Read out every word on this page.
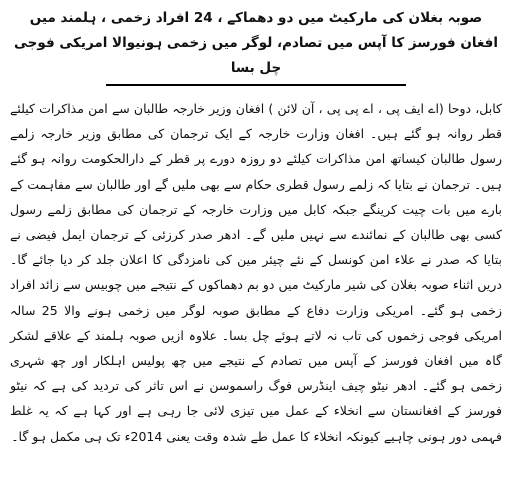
صوبہ بغلان کی مارکیٹ میں دو دھماکے ، 24 افراد زخمی ، ہلمند میں افغان فورسز کا آپس میں تصادم، لوگر میں زخمی ہونیوالا امریکی فوجی چل بسا

کابل، دوحا (اے ایف پی ، اے پی پی ، آن لائن ) افغان وزیر خارجہ طالبان سے امن مذاکرات کیلئے قطر روانہ ہو گئے ہیں۔ افغان وزارت خارجہ کے ایک ترجمان کی مطابق وزیر خارجہ زلمے رسول طالبان کیساتھ امن مذاکرات کیلئے دو روزہ دورے پر قطر کے دارالحکومت روانہ ہو گئے ہیں۔ ترجمان نے بتایا کہ زلمے رسول قطری حکام سے بھی ملیں گے اور طالبان سے مفاہمت کے بارے میں بات چیت کرینگے جبکہ کابل میں وزارت خارجہ کے ترجمان کی مطابق زلمے رسول کسی بھی طالبان کے نمائندے سے نہیں ملیں گے۔ ادھر صدر کرزئی کے ترجمان ایمل فیضی نے بتایا کہ صدر نے علاء امن کونسل کے نئے چیئر مین کی نامزدگی کا اعلان جلد کر دیا جائے گا۔ دریں اثناء صوبہ بغلان کی شیر مارکیٹ میں دو بم دھماکوں کے نتیجے میں چوبیس سے زائد افراد زخمی ہو گئے۔ امریکی وزارت دفاع کے مطابق صوبہ لوگر میں زخمی ہونے والا 25 سالہ امریکی فوجی زخموں کی تاب نہ لاتے ہوئے چل بسا۔ علاوہ ازیں صوبہ ہلمند کے علاقے لشکر گاہ میں افغان فورسز کے آپس میں تصادم کے نتیجے میں چھ پولیس اہلکار اور چھ شہری زخمی ہو گئے۔ ادھر نیٹو چیف اینڈرس فوگ راسموسن نے اس تاثر کی تردید کی ہے کہ نیٹو فورسز کے افغانستان سے انخلاء کے عمل میں تیزی لائی جا رہی ہے اور کہا ہے کہ یہ غلط فہمی دور ہونی چاہیے کیونکہ انخلاء کا عمل طے شدہ وقت یعنی 2014ء تک ہی مکمل ہو گا۔
